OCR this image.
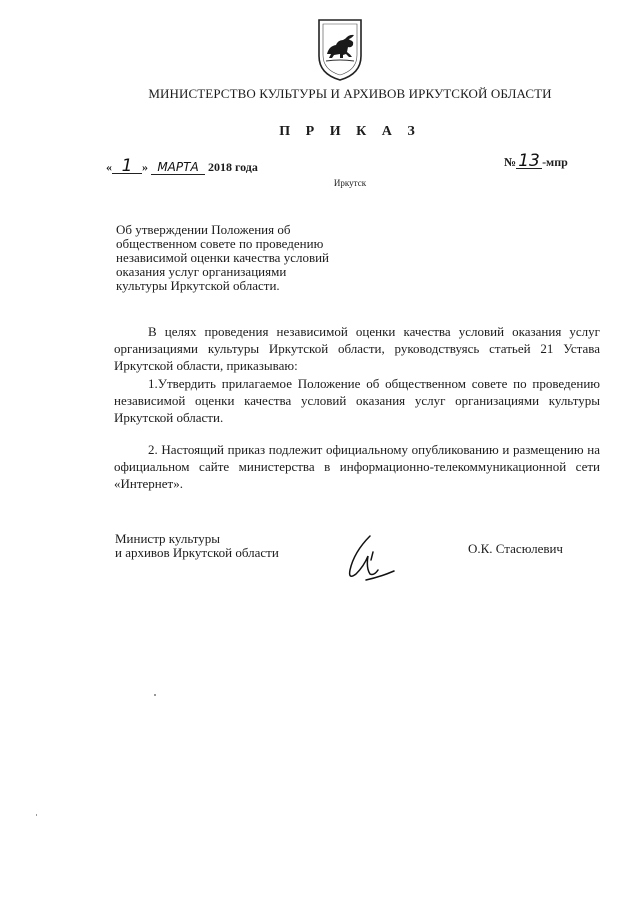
МИНИСТЕРСТВО КУЛЬТУРЫ И АРХИВОВ ИРКУТСКОЙ ОБЛАСТИ
П Р И К А З
« 1 » МАРТА 2018 года	№ 13 -мпр
Иркутск
Об утверждении Положения об
общественном совете по проведению
независимой оценки качества условий
оказания услуг организациями
культуры Иркутской области.
В целях проведения независимой оценки качества условий оказания услуг организациями культуры Иркутской области, руководствуясь статьей 21 Устава Иркутской области, приказываю:
1.Утвердить прилагаемое Положение об общественном совете по проведению независимой оценки качества условий оказания услуг организациями культуры Иркутской области.
2. Настоящий приказ подлежит официальному опубликованию и размещению на официальном сайте министерства в информационно-телекоммуникационной сети «Интернет».
Министр культуры
и архивов Иркутской области	О.К. Стасюлевич
